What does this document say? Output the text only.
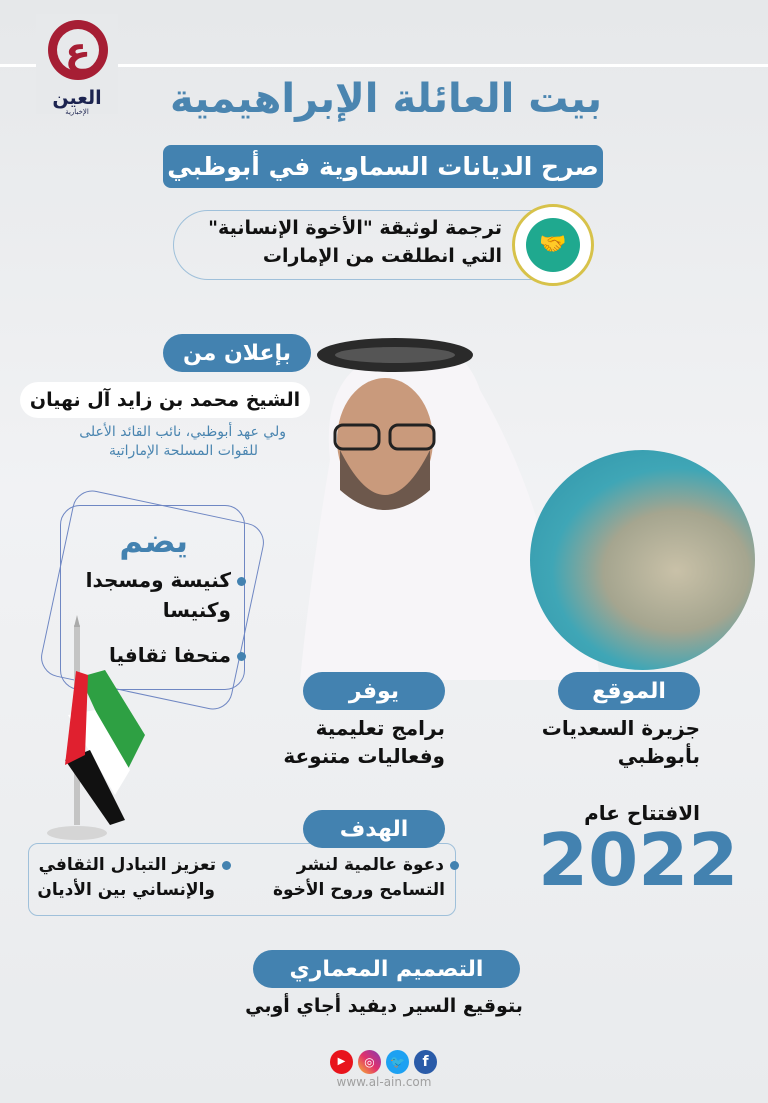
ع
العين
الإخبارية	بيت العائلة الإبراهيمية
صرح الديانات السماوية في أبوظبي
ترجمة لوثيقة "الأخوة الإنسانية"
التي انطلقت من الإمارات	🤝
بإعلان من
الشيخ محمد بن زايد آل نهيان
ولي عهد أبوظبي، نائب القائد الأعلى
للقوات المسلحة الإماراتية
يضم
كنيسة ومسجدا
وكنيسا
متحفا ثقافيا
يوفر
برامج تعليمية
وفعاليات متنوعة
الموقع
جزيرة السعديات
بأبوظبي
الافتتاح عام
2022
الهدف
دعوة عالمية لنشر
التسامح وروح الأخوة
تعزيز التبادل الثقافي
والإنساني بين الأديان
التصميم المعماري
بتوقيع السير ديفيد أجاي أوبي
▶	◎	🐦	f
www.al-ain.com
